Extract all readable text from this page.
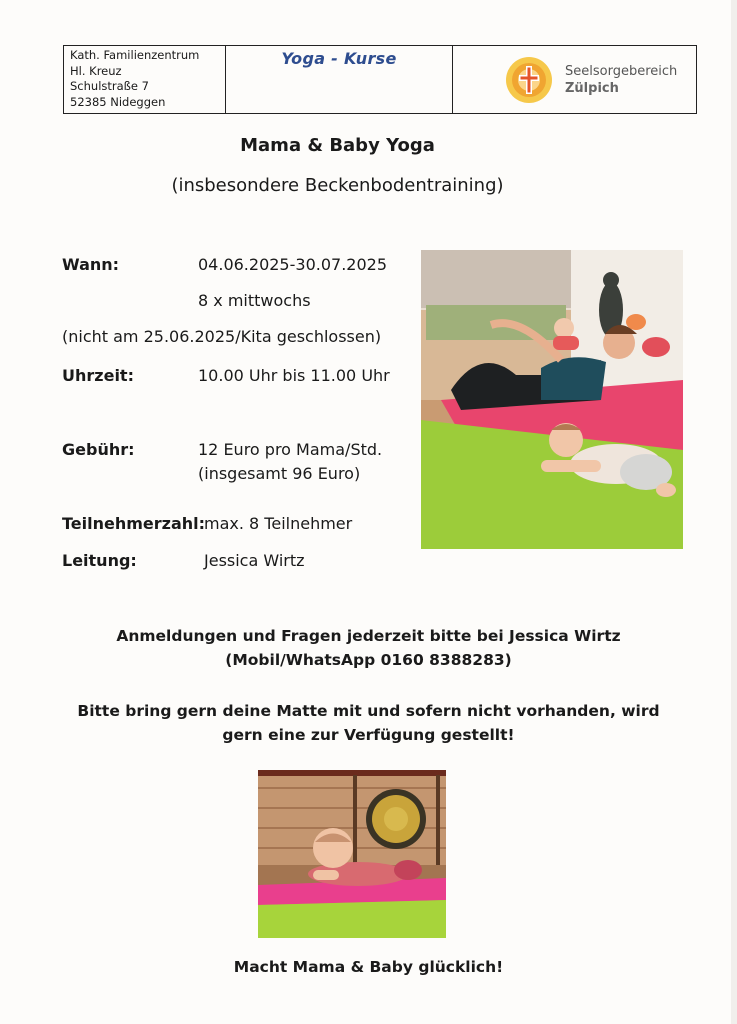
Kath. Familienzentrum
Hl. Kreuz
Schulstraße 7
52385 Nideggen
Yoga - Kurse
Seelsorgebereich
Zülpich
Mama & Baby Yoga
(insbesondere Beckenbodentraining)
Wann:	04.06.2025-30.07.2025
8 x mittwochs
(nicht am 25.06.2025/Kita geschlossen)
Uhrzeit:	10.00 Uhr bis 11.00 Uhr
Gebühr:	12 Euro pro Mama/Std.
(insgesamt 96 Euro)
Teilnehmerzahl:
max. 8 Teilnehmer
Leitung:	Jessica Wirtz
Anmeldungen und Fragen jederzeit bitte bei Jessica Wirtz
(Mobil/WhatsApp 0160 8388283)
Bitte bring gern deine Matte mit und sofern nicht vorhanden, wird
gern eine zur Verfügung gestellt!
Macht Mama & Baby glücklich!
